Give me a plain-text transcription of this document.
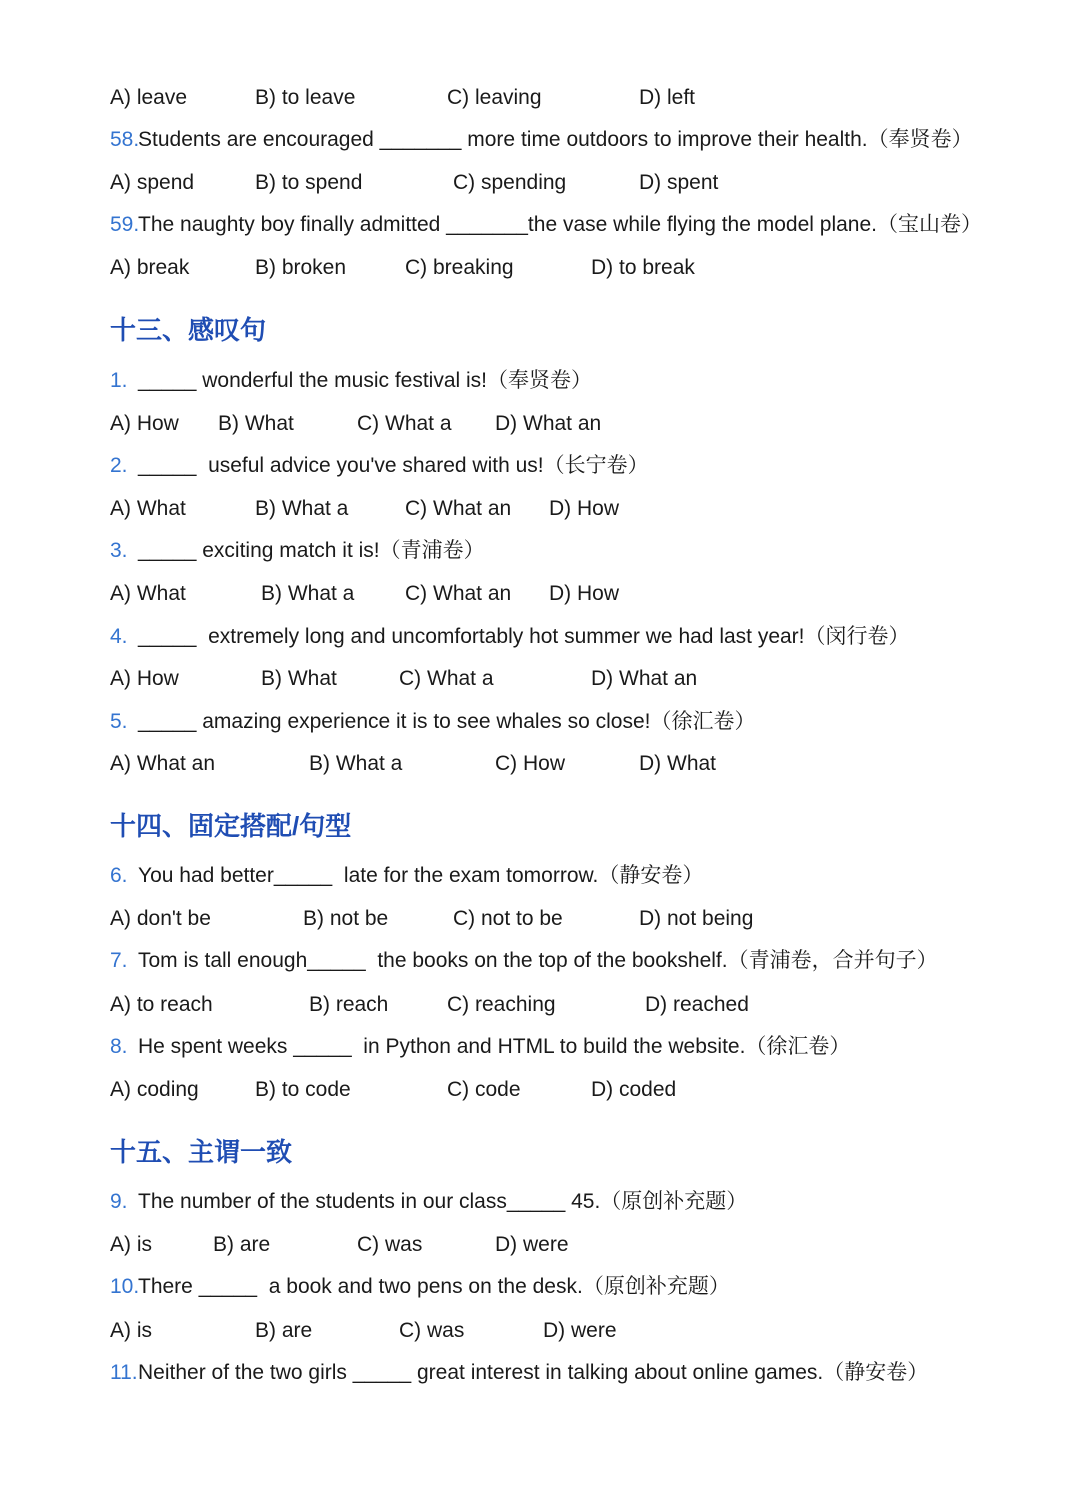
A) leave

	B) to leave

	C) leaving

	D) left

58.

Students are encouraged _______ more time outdoors to improve their health.（奉贤卷）

A) spend

	B) to spend

	C) spending

	D) spent

59.

The naughty boy finally admitted _______the vase while flying the model plane.（宝山卷）

A) break

	B) broken

	C) breaking

	D) to break

十三、感叹句

1.

_____ wonderful the music festival is!（奉贤卷）

A) How

B) What

	C) What a

D) What an

2.

_____  useful advice you've shared with us!（长宁卷）

A) What

	B) What a

	C) What an

D) How

3.

_____ exciting match it is!（青浦卷）

A) What

	B) What a

C) What an

D) How

4.

_____  extremely long and uncomfortably hot summer we had last year!（闵行卷）

A) How

	B) What

	C) What a

	D) What an

5.

_____ amazing experience it is to see whales so close!（徐汇卷）

A) What an

	B) What a

	C) How

	D) What

十四、固定搭配/句型

6.

You had better_____  late for the exam tomorrow.（静安卷）

A) don't be

	B) not be

	C) not to be

	D) not being

7.

Tom is tall enough_____  the books on the top of the bookshelf.（青浦卷，合并句子）

A) to reach

	B) reach

	C) reaching

	D) reached

8.

He spent weeks _____  in Python and HTML to build the website.（徐汇卷）

A) coding

	B) to code

	C) code

	D) coded

十五、主谓一致

9.

The number of the students in our class_____ 45.（原创补充题）

A) is

	B) are

	C) was

	D) were

10.

There _____  a book and two pens on the desk.（原创补充题）

A) is

	B) are

	C) was

	D) were

11.

Neither of the two girls _____ great interest in talking about online games.（静安卷）
